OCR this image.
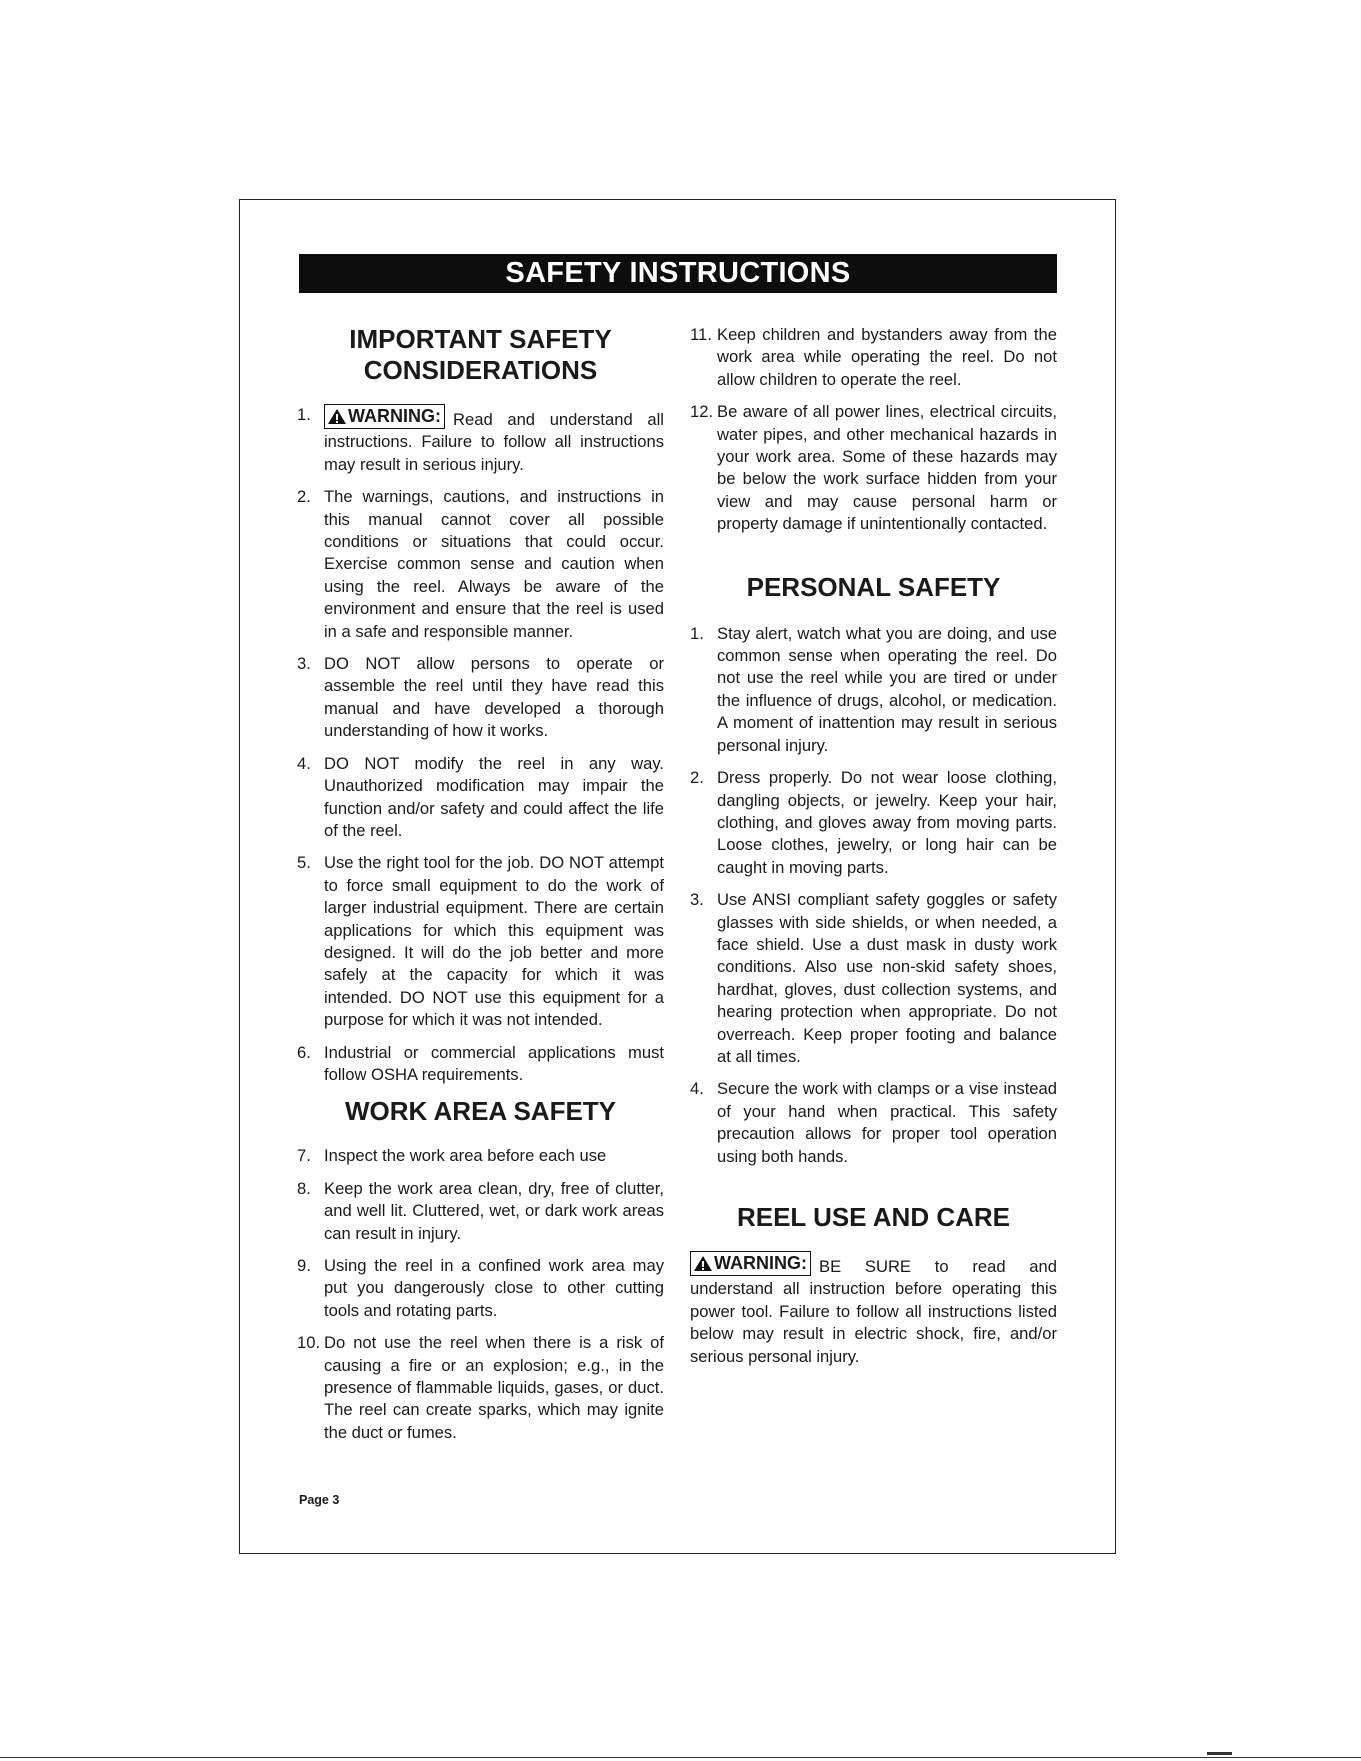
SAFETY INSTRUCTIONS
IMPORTANT SAFETY
CONSIDERATIONS
1.	WARNING: Read and understand all instructions. Failure to follow all instructions may result in serious injury.
2. The warnings, cautions, and instructions in this manual cannot cover all possible conditions or situations that could occur. Exercise common sense and caution when using the reel. Always be aware of the environment and ensure that the reel is used in a safe and responsible manner.
3. DO NOT allow persons to operate or assemble the reel until they have read this manual and have developed a thorough understanding of how it works.
4. DO NOT modify the reel in any way. Unauthorized modification may impair the function and/or safety and could affect the life of the reel.
5. Use the right tool for the job. DO NOT attempt to force small equipment to do the work of larger industrial equipment. There are certain applications for which this equipment was designed. It will do the job better and more safely at the capacity for which it was intended. DO NOT use this equipment for a purpose for which it was not intended.
6. Industrial or commercial applications must follow OSHA requirements.
WORK AREA SAFETY
7. Inspect the work area before each use
8. Keep the work area clean, dry, free of clutter, and well lit. Cluttered, wet, or dark work areas can result in injury.
9. Using the reel in a confined work area may put you dangerously close to other cutting tools and rotating parts.
10. Do not use the reel when there is a risk of causing a fire or an explosion; e.g., in the presence of flammable liquids, gases, or duct. The reel can create sparks, which may ignite the duct or fumes.
11. Keep children and bystanders away from the work area while operating the reel. Do not allow children to operate the reel.
12. Be aware of all power lines, electrical circuits, water pipes, and other mechanical hazards in your work area. Some of these hazards may be below the work surface hidden from your view and may cause personal harm or property damage if unintentionally contacted.
PERSONAL SAFETY
1. Stay alert, watch what you are doing, and use common sense when operating the reel. Do not use the reel while you are tired or under the influence of drugs, alcohol, or medication. A moment of inattention may result in serious personal injury.
2. Dress properly. Do not wear loose clothing, dangling objects, or jewelry. Keep your hair, clothing, and gloves away from moving parts. Loose clothes, jewelry, or long hair can be caught in moving parts.
3. Use ANSI compliant safety goggles or safety glasses with side shields, or when needed, a face shield. Use a dust mask in dusty work conditions. Also use non-skid safety shoes, hardhat, gloves, dust collection systems, and hearing protection when appropriate. Do not overreach. Keep proper footing and balance at all times.
4. Secure the work with clamps or a vise instead of your hand when practical. This safety precaution allows for proper tool operation using both hands.
REEL USE AND CARE
WARNING: BE SURE to read and understand all instruction before operating this power tool. Failure to follow all instructions listed below may result in electric shock, fire, and/or serious personal injury.
Page 3
